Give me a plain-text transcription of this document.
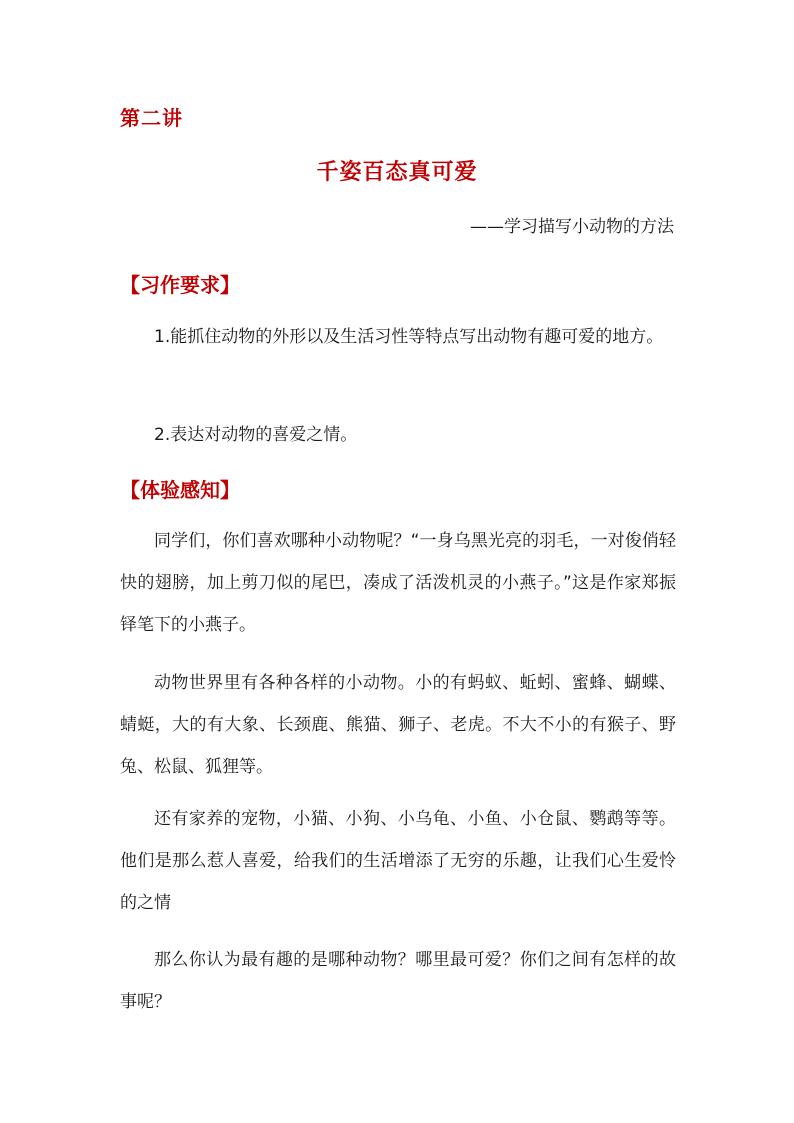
第二讲
千姿百态真可爱
——学习描写小动物的方法
【习作要求】

1.能抓住动物的外形以及生活习性等特点写出动物有趣可爱的地方。

2.表达对动物的喜爱之情。

【体验感知】

同学们，你们喜欢哪种小动物呢？“一身乌黑光亮的羽毛，一对俊俏轻快的翅膀，加上剪刀似的尾巴，凑成了活泼机灵的小燕子。”这是作家郑振铎笔下的小燕子。

动物世界里有各种各样的小动物。小的有蚂蚁、蚯蚓、蜜蜂、蝴蝶、蜻蜓，大的有大象、长颈鹿、熊猫、狮子、老虎。不大不小的有猴子、野兔、松鼠、狐狸等。

还有家养的宠物，小猫、小狗、小乌龟、小鱼、小仓鼠、鹦鹉等等。他们是那么惹人喜爱，给我们的生活增添了无穷的乐趣，让我们心生爱怜的之情

那么你认为最有趣的是哪种动物？哪里最可爱？你们之间有怎样的故事呢？
